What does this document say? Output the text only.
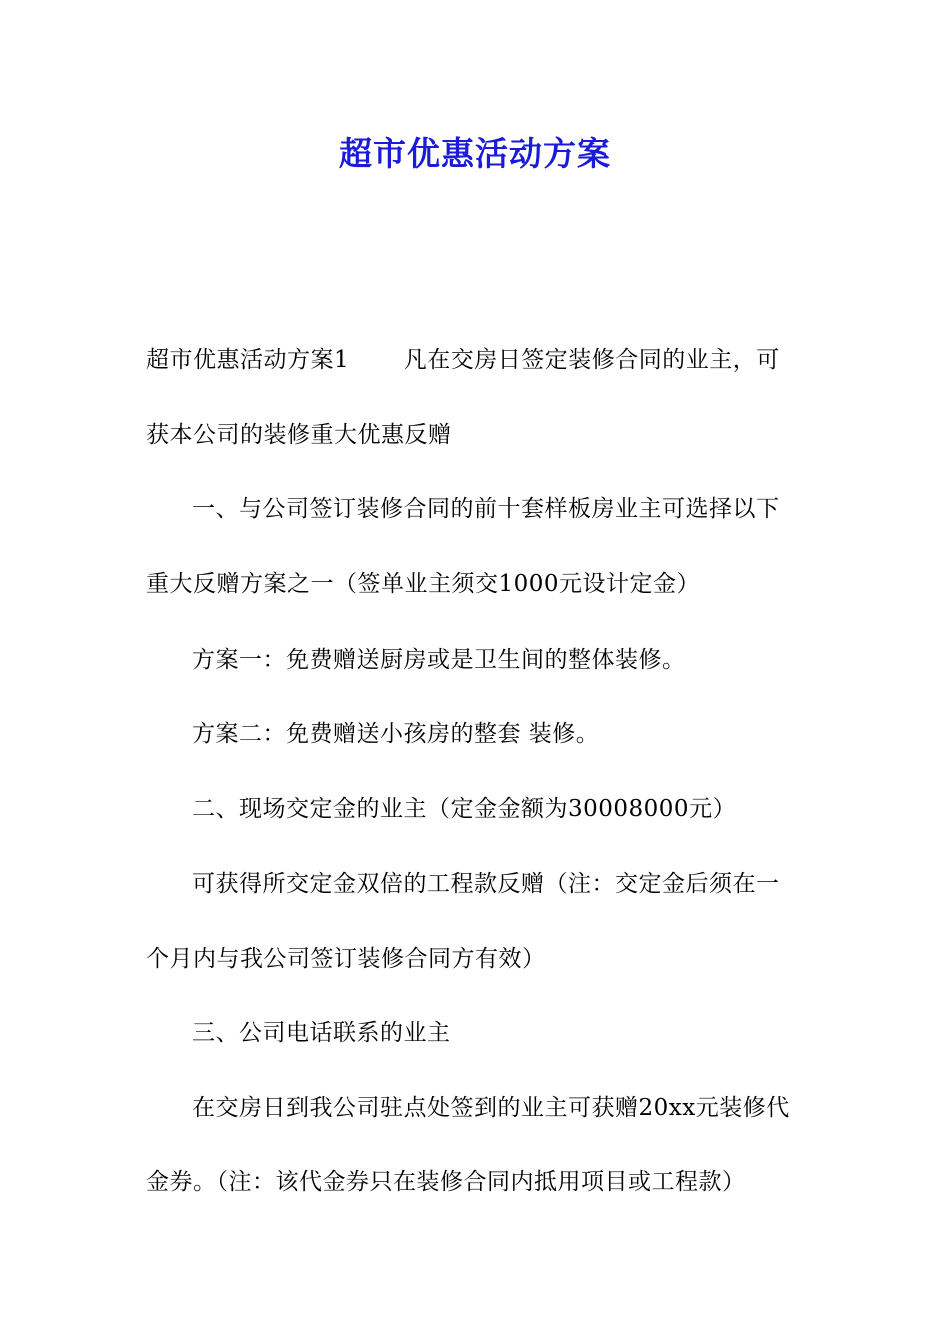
超市优惠活动方案
超市优惠活动方案1       凡在交房日签定装修合同的业主，可
获本公司的装修重大优惠反赠
一、与公司签订装修合同的前十套样板房业主可选择以下
重大反赠方案之一（签单业主须交1000元设计定金）
方案一：免费赠送厨房或是卫生间的整体装修。
方案二：免费赠送小孩房的整套 装修。
二、现场交定金的业主（定金金额为30008000元）
可获得所交定金双倍的工程款反赠（注：交定金后须在一
个月内与我公司签订装修合同方有效）
三、公司电话联系的业主
在交房日到我公司驻点处签到的业主可获赠20xx元装修代
金券。（注：该代金券只在装修合同内抵用项目或工程款）
